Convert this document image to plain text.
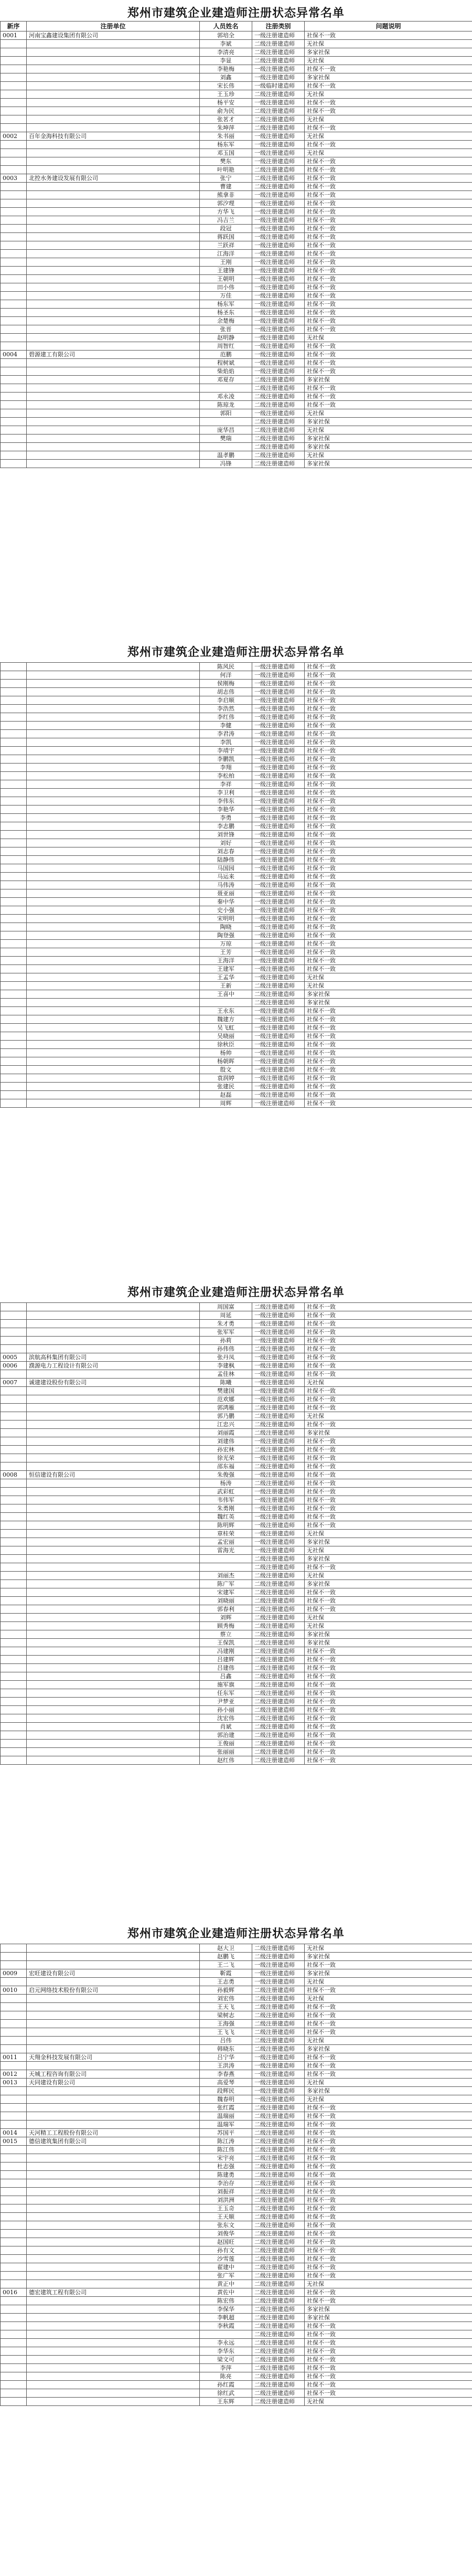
郑州市建筑企业建造师注册状态异常名单
新序	注册单位	人员姓名	注册类别	问题说明
0001	河南宝鑫建设集团有限公司	郭培全	一级注册建造师	社保不一致
		李斌	二级注册建造师	无社保
		李清亮	二级注册建造师	多家社保
		李显	二级注册建造师	无社保
		李艳梅	一级注册建造师	社保不一致
		刘鑫	一级注册建造师	多家社保
		宋长伟	一级临时建造师	社保不一致
		王玉珍	二级注册建造师	无社保
		杨平安	一级注册建造师	社保不一致
		俞为民	二级注册建造师	社保不一致
		张茗才	二级注册建造师	无社保
		朱坤萍	二级注册建造师	社保不一致
0002	百年金海科技有限公司	朱书丽	一级注册建造师	无社保
		杨东军	一级注册建造师	社保不一致
		邓玉国	一级注册建造师	无社保
		樊东	一级注册建造师	社保不一致
		叶明艳	二级注册建造师	社保不一致
0003	北控水务建设发展有限公司	张宁	二级注册建造师	社保不一致
		曹建	二级注册建造师	社保不一致
		熊拿非	一级注册建造师	社保不一致
		郭汐理	一级注册建造师	社保不一致
		方华飞	一级注册建造师	社保不一致
		冯吉兰	一级注册建造师	社保不一致
		段冠	一级注册建造师	社保不一致
		蒋跃国	一级注册建造师	社保不一致
		兰跃祥	一级注册建造师	社保不一致
		江海洋	一级注册建造师	社保不一致
		王刚	一级注册建造师	社保不一致
		王建锋	一级注册建造师	社保不一致
		王朝明	一级注册建造师	社保不一致
		田小伟	一级注册建造师	社保不一致
		万佳	一级注册建造师	社保不一致
		杨东军	一级注册建造师	社保不一致
		杨圣东	一级注册建造师	社保不一致
		余楚梅	一级注册建造师	社保不一致
		张晋	一级注册建造师	社保不一致
		赵明静	一级注册建造师	无社保
		周智红	一级注册建造师	社保不一致
0004	碧源建工有限公司	范鹏	一级注册建造师	社保不一致
		程树斌	一级注册建造师	社保不一致
		柴焰焰	一级注册建造师	社保不一致
		邓夏存	二级注册建造师	多家社保
			二级注册建造师	社保不一致
		邓永凌	二级注册建造师	社保不一致
		陈琼龙	二级注册建造师	社保不一致
		郭阳	一级注册建造师	无社保
			二级注册建造师	多家社保
		庞华昌	二级注册建造师	无社保
		樊瑞	二级注册建造师	多家社保
			二级注册建造师	多家社保
		温孝鹏	二级注册建造师	无社保
		冯锋	二级注册建造师	多家社保
郑州市建筑企业建造师注册状态异常名单
		陈风民	一级注册建造师	社保不一致
		何洋	一级注册建造师	社保不一致
		侯刚梅	一级注册建造师	社保不一致
		胡志伟	一级注册建造师	社保不一致
		李启顺	一级注册建造师	社保不一致
		李浩然	一级注册建造师	社保不一致
		李红伟	一级注册建造师	社保不一致
		李健	一级注册建造师	社保不一致
		李君涛	一级注册建造师	社保不一致
		李凯	一级注册建造师	社保不一致
		李靖宇	一级注册建造师	社保不一致
		李鹏凯	一级注册建造师	社保不一致
		李翔	一级注册建造师	社保不一致
		李松柏	一级注册建造师	社保不一致
		李祥	一级注册建造师	社保不一致
		李卫利	一级注册建造师	社保不一致
		李伟东	一级注册建造师	社保不一致
		李艳华	一级注册建造师	社保不一致
		李勇	一级注册建造师	社保不一致
		李志鹏	一级注册建造师	社保不一致
		刘世锋	一级注册建造师	社保不一致
		刘好	一级注册建造师	社保不一致
		刘志春	一级注册建造师	社保不一致
		陆静伟	一级注册建造师	社保不一致
		马国园	一级注册建造师	社保不一致
		马运来	一级注册建造师	社保不一致
		马伟涛	一级注册建造师	社保不一致
		聂亚丽	一级注册建造师	社保不一致
		秦中华	一级注册建造师	社保不一致
		史小强	一级注册建造师	社保不一致
		宋明明	一级注册建造师	社保不一致
		陶晓	一级注册建造师	社保不一致
		陶登强	一级注册建造师	社保不一致
		万琼	一级注册建造师	社保不一致
		王芳	一级注册建造师	社保不一致
		王海洋	一级注册建造师	社保不一致
		王建军	一级注册建造师	社保不一致
		王孟华	一级注册建造师	无社保
		王新	二级注册建造师	无社保
		王喜中	二级注册建造师	多家社保
			二级注册建造师	多家社保
		王永东	一级注册建造师	社保不一致
		魏建方	一级注册建造师	社保不一致
		吴飞虹	一级注册建造师	社保不一致
		吴晓丽	一级注册建造师	社保不一致
		徐秋臣	一级注册建造师	社保不一致
		杨帅	一级注册建造师	社保不一致
		杨朝晖	一级注册建造师	社保不一致
		殷文	一级注册建造师	社保不一致
		袁润婷	一级注册建造师	社保不一致
		张建民	一级注册建造师	社保不一致
		赵磊	一级注册建造师	社保不一致
		周辉	一级注册建造师	社保不一致
郑州市建筑企业建造师注册状态异常名单
		周国富	二级注册建造师	社保不一致
		周延	一级注册建造师	社保不一致
		朱才勇	一级注册建造师	社保不一致
		张军军	一级注册建造师	社保不一致
		孙莉	一级注册建造师	社保不一致
		孙伟伟	二级注册建造师	社保不一致
0005	滨航高科集团有限公司	张丹凤	一级注册建造师	社保不一致
0006	濮源电力工程设计有限公司	李建枫	一级注册建造师	社保不一致
		孟佳林	一级注册建造师	社保不一致
0007	诚建建设股份有限公司	陈曦	一级注册建造师	无社保
		樊建国	一级注册建造师	社保不一致
		范欢娜	一级注册建造师	社保不一致
		郭鸿雁	二级注册建造师	社保不一致
		郭乃鹏	二级注册建造师	无社保
		江忠兴	二级注册建造师	社保不一致
		刘丽霞	二级注册建造师	多家社保
		刘建伟	一级注册建造师	社保不一致
		孙宏林	二级注册建造师	社保不一致
		徐光荣	一级注册建造师	社保不一致
		邵东福	二级注册建造师	社保不一致
0008	恒信建设有限公司	朱俊强	一级注册建造师	社保不一致
		杨涛	二级注册建造师	社保不一致
		武彩虹	一级注册建造师	社保不一致
		韦伟军	一级注册建造师	社保不一致
		朱勇刚	一级注册建造师	社保不一致
		魏红英	一级注册建造师	社保不一致
		陈明辉	一级注册建造师	社保不一致
		章桂荣	一级注册建造师	无社保
		孟宏丽	一级注册建造师	多家社保
		雷海光	一级注册建造师	无社保
			二级注册建造师	多家社保
			二级注册建造师	社保不一致
		刘丽杰	二级注册建造师	无社保
		陈广军	二级注册建造师	多家社保
		宋建军	二级注册建造师	社保不一致
		刘晓丽	二级注册建造师	社保不一致
		郭春利	二级注册建造师	社保不一致
		刘辉	二级注册建造师	无社保
		顾秀梅	二级注册建造师	无社保
		蔡立	二级注册建造师	多家社保
		王保凯	二级注册建造师	多家社保
		冯建刚	二级注册建造师	社保不一致
		吕建辉	二级注册建造师	社保不一致
		吕建伟	二级注册建造师	社保不一致
		吕鑫	二级注册建造师	社保不一致
		施军旗	二级注册建造师	社保不一致
		任东军	二级注册建造师	社保不一致
		尹梦亚	二级注册建造师	社保不一致
		孙小丽	二级注册建造师	社保不一致
		沈宏伟	二级注册建造师	社保不一致
		肖斌	二级注册建造师	社保不一致
		郭治建	二级注册建造师	社保不一致
		王俊丽	二级注册建造师	社保不一致
		张丽丽	二级注册建造师	社保不一致
		赵红伟	二级注册建造师	社保不一致
郑州市建筑企业建造师注册状态异常名单
		赵大卫	二级注册建造师	无社保
		赵鹏飞	二级注册建造师	多家社保
		王二飞	一级注册建造师	社保不一致
0009	宏旺建设有限公司	靳霞	一级注册建造师	多家社保
		王志勇	一级注册建造师	无社保
0010	启元网络技术股份有限公司	孙毅辉	二级注册建造师	社保不一致
		刘宏伟	二级注册建造师	无社保
		王天飞	二级注册建造师	社保不一致
		梁树志	二级注册建造师	社保不一致
		王海强	二级注册建造师	社保不一致
		王飞飞	二级注册建造师	社保不一致
		吕伟	二级注册建造师	无社保
		韩晓东	二级注册建造师	多家社保
0011	天翔金科技发展有限公司	吕宁华	一级注册建造师	社保不一致
		王洪涛	一级注册建造师	社保不一致
0012	天城工程咨询有限公司	李春燕	一级注册建造师	社保不一致
0013	天同建设有限公司	高爱琴	一级注册建造师	无社保
		段辉民	一级注册建造师	多家社保
		魏春明	一级注册建造师	无社保
		张红霞	二级注册建造师	社保不一致
		温瑞丽	二级注册建造师	社保不一致
		温瑞军	二级注册建造师	社保不一致
0014	天河精工工程股份有限公司	苏国平	二级注册建造师	社保不一致
0015	德信建筑集团有限公司	陈江涛	二级注册建造师	社保不一致
		陈江伟	二级注册建造师	社保不一致
		宋宇亮	二级注册建造师	社保不一致
		杜志强	二级注册建造师	社保不一致
		陈建勇	二级注册建造师	社保不一致
		李治存	二级注册建造师	社保不一致
		刘振祥	二级注册建造师	社保不一致
		刘洪洲	二级注册建造师	社保不一致
		王玉奇	二级注册建造师	社保不一致
		王天顺	二级注册建造师	社保不一致
		张东文	二级注册建造师	社保不一致
		刘俊华	二级注册建造师	社保不一致
		赵国旺	二级注册建造师	社保不一致
		孙有文	二级注册建造师	社保不一致
		沙雪莲	二级注册建造师	社保不一致
		翟建中	二级注册建造师	社保不一致
		张广军	二级注册建造师	社保不一致
		黄正中	二级注册建造师	无社保
0016	德宏建筑工程有限公司	黄佐中	二级注册建造师	社保不一致
		陈宏伟	二级注册建造师	社保不一致
		李保华	二级注册建造师	多家社保
		李帆超	二级注册建造师	多家社保
		李秋霞	二级注册建造师	社保不一致
			二级注册建造师	社保不一致
		李永远	二级注册建造师	社保不一致
		李华东	二级注册建造师	社保不一致
		梁文可	二级注册建造师	社保不一致
		李萍	二级注册建造师	社保不一致
		陈亮	二级注册建造师	社保不一致
		孙红霞	二级注册建造师	社保不一致
		徐红武	二级注册建造师	社保不一致
		王东辉	二级注册建造师	无社保
